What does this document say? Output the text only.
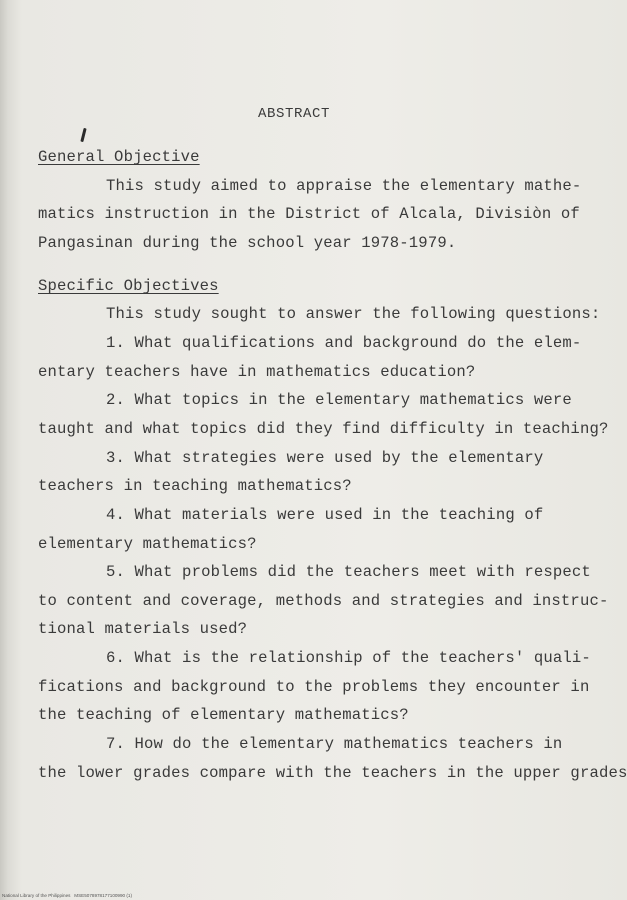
ABSTRACT
General Objective
This study aimed to appraise the elementary mathe-
matics instruction in the District of Alcala, Divisiòn of
Pangasinan during the school year 1978-1979.
Specific Objectives
This study sought to answer the following questions:
1. What qualifications and background do the elem-
entary teachers have in mathematics education?
2. What topics in the elementary mathematics were
taught and what topics did they find difficulty in teaching?
3. What strategies were used by the elementary
teachers in teaching mathematics?
4. What materials were used in the teaching of
elementary mathematics?
5. What problems did the teachers meet with respect
to content and coverage, methods and strategies and instruc-
tional materials used?
6. What is the relationship of the teachers' quali-
fications and background to the problems they encounter in
the teaching of elementary mathematics?
7. How do the elementary mathematics teachers in
the lower grades compare with the teachers in the upper grades
National Library of the Philippines   MSE5078978177100990 (1)
